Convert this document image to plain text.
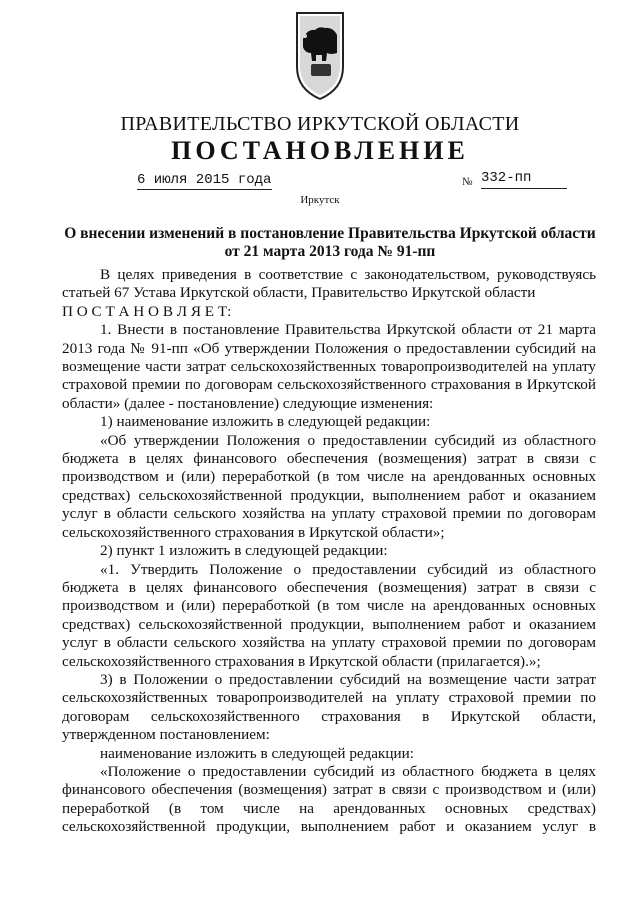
ПРАВИТЕЛЬСТВО ИРКУТСКОЙ ОБЛАСТИ
ПОСТАНОВЛЕНИЕ
6 июля 2015 года	№ 332-пп
Иркутск
О внесении изменений в постановление Правительства Иркутской области
от 21 марта 2013 года № 91-пп

В целях приведения в соответствие с законодательством, руководствуясь статьей 67 Устава Иркутской области, Правительство Иркутской области

П О С Т А Н О В Л Я Е Т:

1. Внести в постановление Правительства Иркутской области от 21 марта 2013 года № 91-пп «Об утверждении Положения о предоставлении субсидий на возмещение части затрат сельскохозяйственных товаропроизводителей на уплату страховой премии по договорам сельскохозяйственного страхования в Иркутской области» (далее - постановление) следующие изменения:

1) наименование изложить в следующей редакции:

«Об утверждении Положения о предоставлении субсидий из областного бюджета в целях финансового обеспечения (возмещения) затрат в связи с производством и (или) переработкой (в том числе на арендованных основных средствах) сельскохозяйственной продукции, выполнением работ и оказанием услуг в области сельского хозяйства на уплату страховой премии по договорам сельскохозяйственного страхования в Иркутской области»;

2) пункт 1 изложить в следующей редакции:

«1. Утвердить Положение о предоставлении субсидий из областного бюджета в целях финансового обеспечения (возмещения) затрат в связи с производством и (или) переработкой (в том числе на арендованных основных средствах) сельскохозяйственной продукции, выполнением работ и оказанием услуг в области сельского хозяйства на уплату страховой премии по договорам сельскохозяйственного страхования в Иркутской области (прилагается).»;

3) в Положении о предоставлении субсидий на возмещение части затрат сельскохозяйственных товаропроизводителей на уплату страховой премии по договорам сельскохозяйственного страхования в Иркутской области, утвержденном постановлением:

наименование изложить в следующей редакции:

«Положение о предоставлении субсидий из областного бюджета в целях финансового обеспечения (возмещения) затрат в связи с производством и (или) переработкой (в том числе на арендованных основных средствах) сельскохозяйственной продукции, выполнением работ и оказанием услуг в
